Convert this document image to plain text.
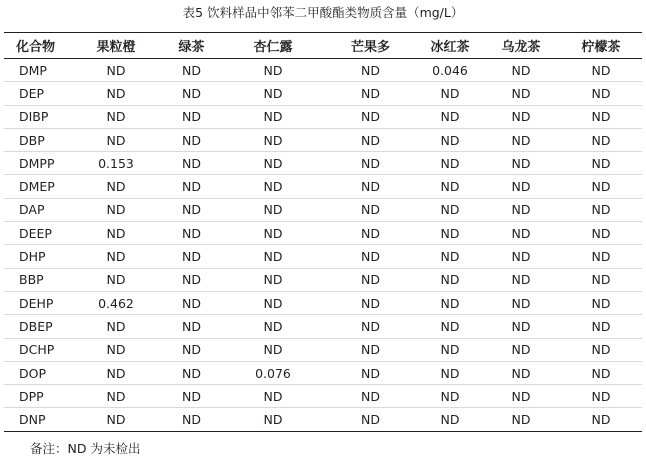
表5 饮料样品中邻苯二甲酸酯类物质含量（mg/L）
化合物	果粒橙	绿茶	杏仁露	芒果多	冰红茶	乌龙茶	柠檬茶
DMP	ND	ND	ND	ND	0.046	ND	ND
DEP	ND	ND	ND	ND	ND	ND	ND
DIBP	ND	ND	ND	ND	ND	ND	ND
DBP	ND	ND	ND	ND	ND	ND	ND
DMPP	0.153	ND	ND	ND	ND	ND	ND
DMEP	ND	ND	ND	ND	ND	ND	ND
DAP	ND	ND	ND	ND	ND	ND	ND
DEEP	ND	ND	ND	ND	ND	ND	ND
DHP	ND	ND	ND	ND	ND	ND	ND
BBP	ND	ND	ND	ND	ND	ND	ND
DEHP	0.462	ND	ND	ND	ND	ND	ND
DBEP	ND	ND	ND	ND	ND	ND	ND
DCHP	ND	ND	ND	ND	ND	ND	ND
DOP	ND	ND	0.076	ND	ND	ND	ND
DPP	ND	ND	ND	ND	ND	ND	ND
DNP	ND	ND	ND	ND	ND	ND	ND
备注：ND 为未检出
